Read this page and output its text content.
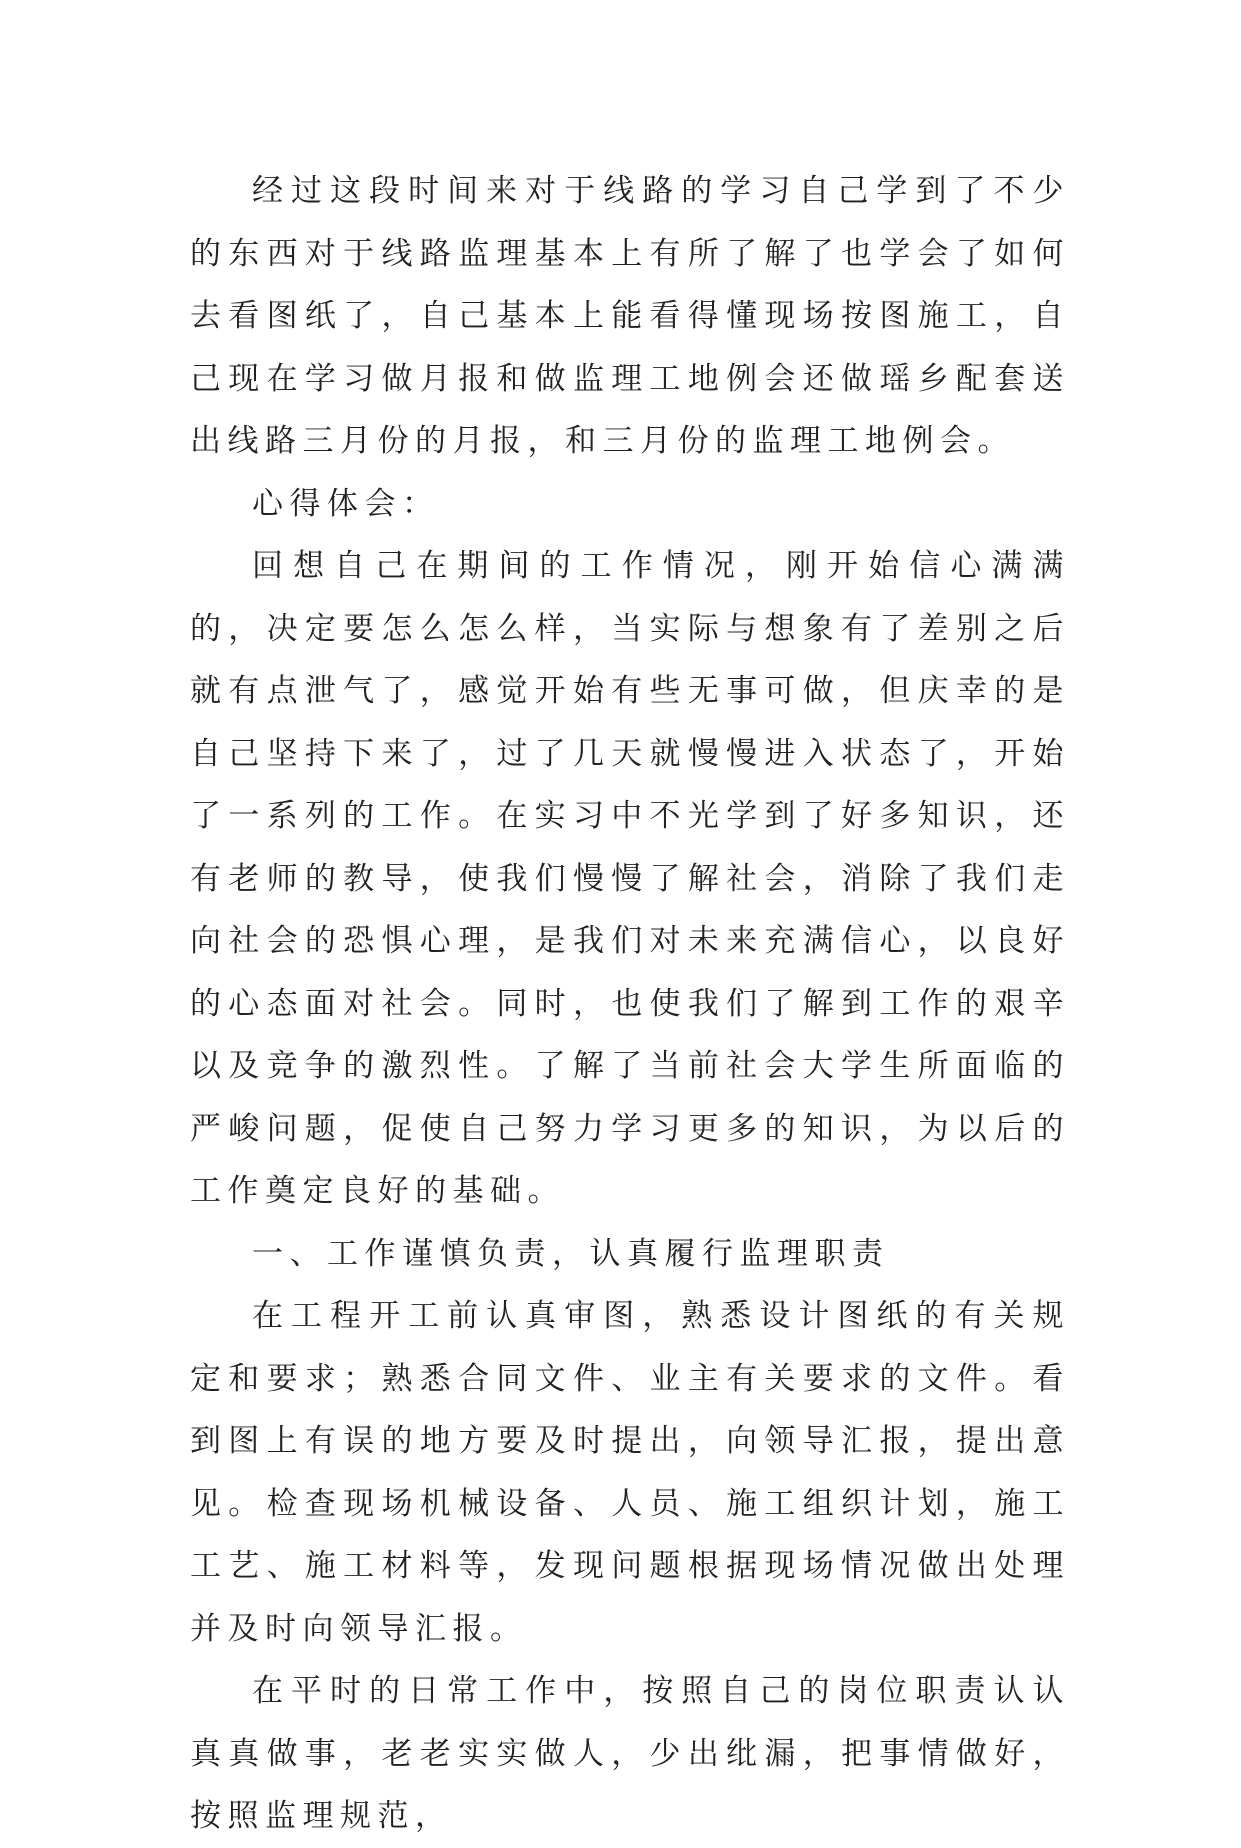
经过这段时间来对于线路的学习自己学到了不少的东西对于线路监理基本上有所了解了也学会了如何去看图纸了，自己基本上能看得懂现场按图施工，自己现在学习做月报和做监理工地例会还做瑶乡配套送出线路三月份的月报，和三月份的监理工地例会。

心得体会：

回想自己在期间的工作情况，刚开始信心满满的，决定要怎么怎么样，当实际与想象有了差别之后就有点泄气了，感觉开始有些无事可做，但庆幸的是自己坚持下来了，过了几天就慢慢进入状态了，开始了一系列的工作。在实习中不光学到了好多知识，还有老师的教导，使我们慢慢了解社会，消除了我们走向社会的恐惧心理，是我们对未来充满信心，以良好的心态面对社会。同时，也使我们了解到工作的艰辛以及竞争的激烈性。了解了当前社会大学生所面临的严峻问题，促使自己努力学习更多的知识，为以后的工作奠定良好的基础。

一、工作谨慎负责，认真履行监理职责

在工程开工前认真审图，熟悉设计图纸的有关规定和要求；熟悉合同文件、业主有关要求的文件。看到图上有误的地方要及时提出，向领导汇报，提出意见。检查现场机械设备、人员、施工组织计划，施工工艺、施工材料等，发现问题根据现场情况做出处理并及时向领导汇报。

在平时的日常工作中，按照自己的岗位职责认认真真做事，老老实实做人，少出纰漏，把事情做好，按照监理规范，
